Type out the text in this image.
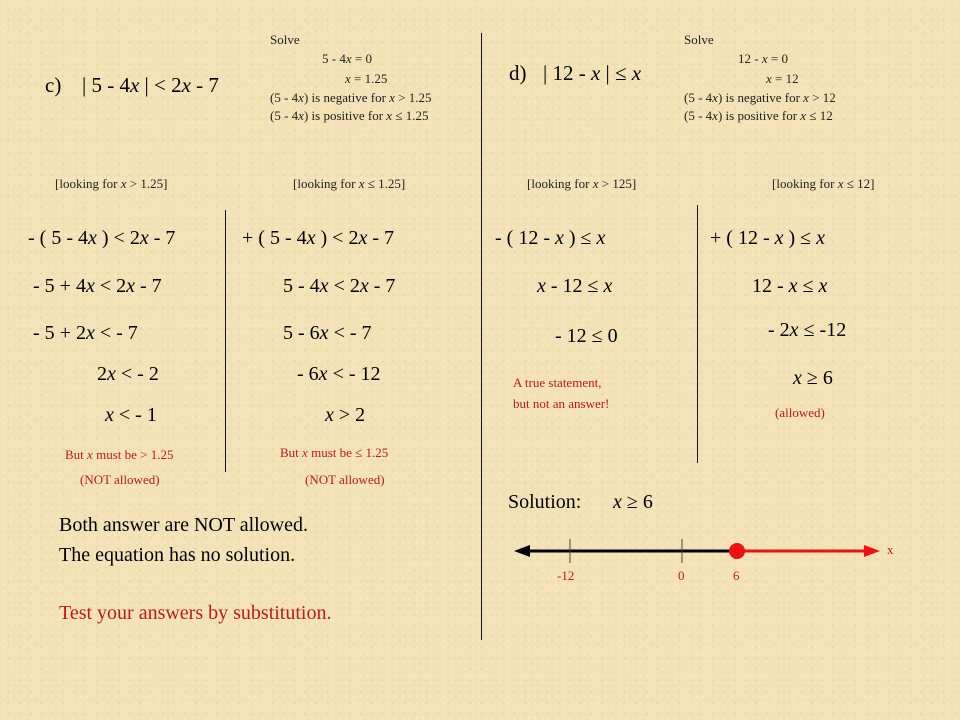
c) | 5 - 4x | < 2x - 7
Solve
5 - 4x = 0
x = 1.25
(5 - 4x) is negative for x > 1.25
(5 - 4x) is positive for x ≤ 1.25
[looking for x > 1.25]	[looking for x ≤ 1.25]
- ( 5 - 4x ) < 2x - 7
- 5 + 4x < 2x - 7
- 5 + 2x < - 7
2x < - 2
x < - 1
But x must be > 1.25
(NOT allowed)
+ ( 5 - 4x ) < 2x - 7
5 - 4x < 2x - 7
5 - 6x < - 7
- 6x < - 12
x > 2
But x must be ≤ 1.25
(NOT allowed)
Both answer are NOT allowed.
The equation has no solution.
Test your answers by substitution.
d) | 12 - x | ≤ x
Solve
12 - x = 0
x = 12
(5 - 4x) is negative for x > 12
(5 - 4x) is positive for x ≤ 12
[looking for x > 125]	[looking for x ≤ 12]
- ( 12 - x ) ≤ x
x - 12 ≤ x
- 12 ≤ 0
A true statement,
but not an answer!
+ ( 12 - x ) ≤ x
12 - x ≤ x
- 2x ≤ -12
x ≥ 6
(allowed)
Solution: x ≥ 6
-12	0	6
x
